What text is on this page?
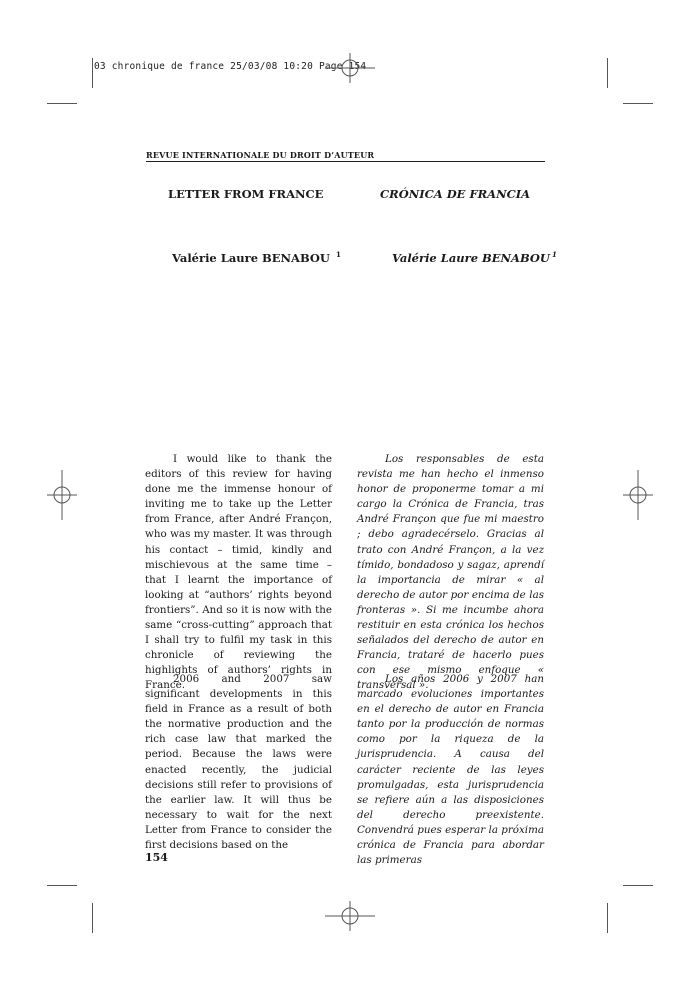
03 chronique de france 25/03/08 10:20 Page 154
REVUE INTERNATIONALE DU DROIT D’AUTEUR
LETTER FROM FRANCE	CRÓNICA DE FRANCIA
Valérie Laure BENABOU $^1$	Valérie Laure BENABOU $^1$

I would like to thank the editors of this review for having done me the immense honour of inviting me to take up the Letter from France, after André Françon, who was my master. It was through his contact – timid, kindly and mischievous at the same time – that I learnt the importance of looking at “authors’ rights beyond frontiers”. And so it is now with the same “cross-cutting” approach that I shall try to fulfil my task in this chronicle of reviewing the highlights of authors’ rights in France.

Los responsables de esta revista me han hecho el inmenso honor de proponerme tomar a mi cargo la Crónica de Francia, tras André Françon que fue mi maestro ; debo agradecérselo. Gracias al trato con André Françon, a la vez tímido, bondadoso y sagaz, aprendí la importancia de mirar « al derecho de autor por encima de las fronteras ». Si me incumbe ahora restituir en esta crónica los hechos señalados del derecho de autor en Francia, trataré de hacerlo pues con ese mismo enfoque « transversal ».

2006 and 2007 saw significant developments in this field in France as a result of both the normative production and the rich case law that marked the period. Because the laws were enacted recently, the judicial decisions still refer to provisions of the earlier law. It will thus be necessary to wait for the next Letter from France to consider the first decisions based on the

Los años 2006 y 2007 han marcado evoluciones importantes en el derecho de autor en Francia tanto por la producción de normas como por la riqueza de la jurisprudencia. A causa del carácter reciente de las leyes promulgadas, esta jurisprudencia se refiere aún a las disposiciones del derecho preexistente. Convendrá pues esperar la próxima crónica de Francia para abordar las primeras

154
